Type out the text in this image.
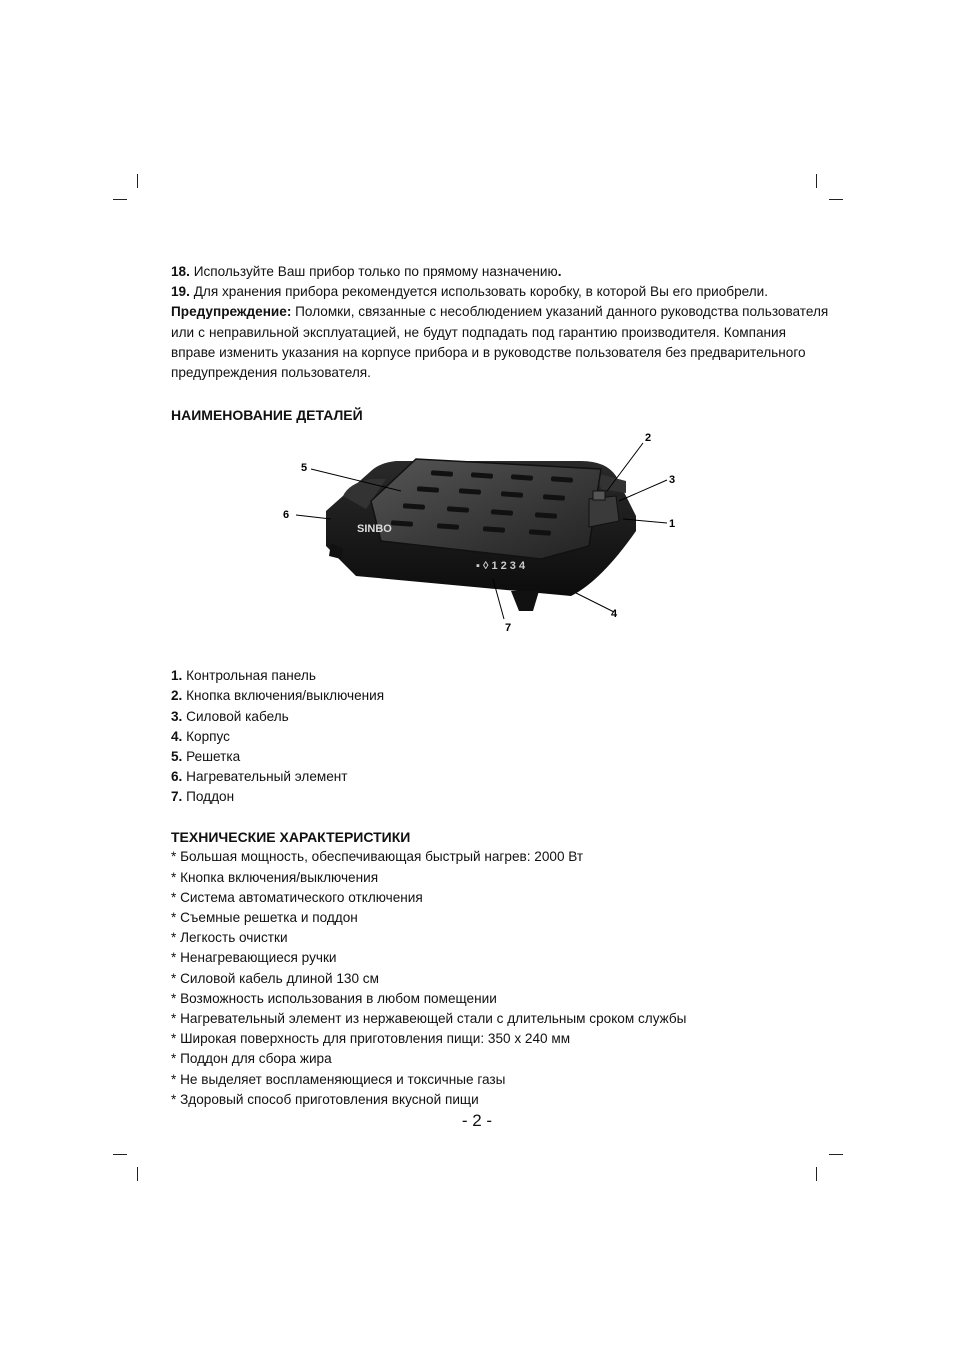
18. Используйте Ваш прибор только по прямому назначению.
19. Для хранения прибора рекомендуется использовать коробку, в которой Вы его приобрели.
Предупреждение: Поломки, связанные с несоблюдением указаний данного руководства пользователя
или с неправильной эксплуатацией, не будут подпадать под гарантию производителя. Компания
вправе изменить указания на корпусе прибора и в руководстве пользователя без предварительного
предупреждения пользователя.
НАИМЕНОВАНИЕ ДЕТАЛЕЙ
▪ ◊ 1 2 3 4
SINBO
2
3
1
4
5
6
7
1. Контрольная панель
2. Кнопка включения/выключения
3. Силовой кабель
4. Корпус
5. Решетка
6. Нагревательный элемент
7. Поддон
ТЕХНИЧЕСКИЕ ХАРАКТЕРИСТИКИ
* Большая мощность, обеспечивающая быстрый нагрев: 2000 Вт
* Кнопка включения/выключения
* Система автоматического отключения
* Съемные решетка и поддон
* Легкость очистки
* Ненагревающиеся ручки
* Силовой кабель длиной 130 см
* Возможность использования в любом помещении
* Нагревательный элемент из нержавеющей стали с длительным сроком службы
* Широкая поверхность для приготовления пищи: 350 х 240 мм
* Поддон для сбора жира
* Не выделяет воспламеняющиеся и токсичные газы
* Здоровый способ приготовления вкусной пищи
- 2 -
